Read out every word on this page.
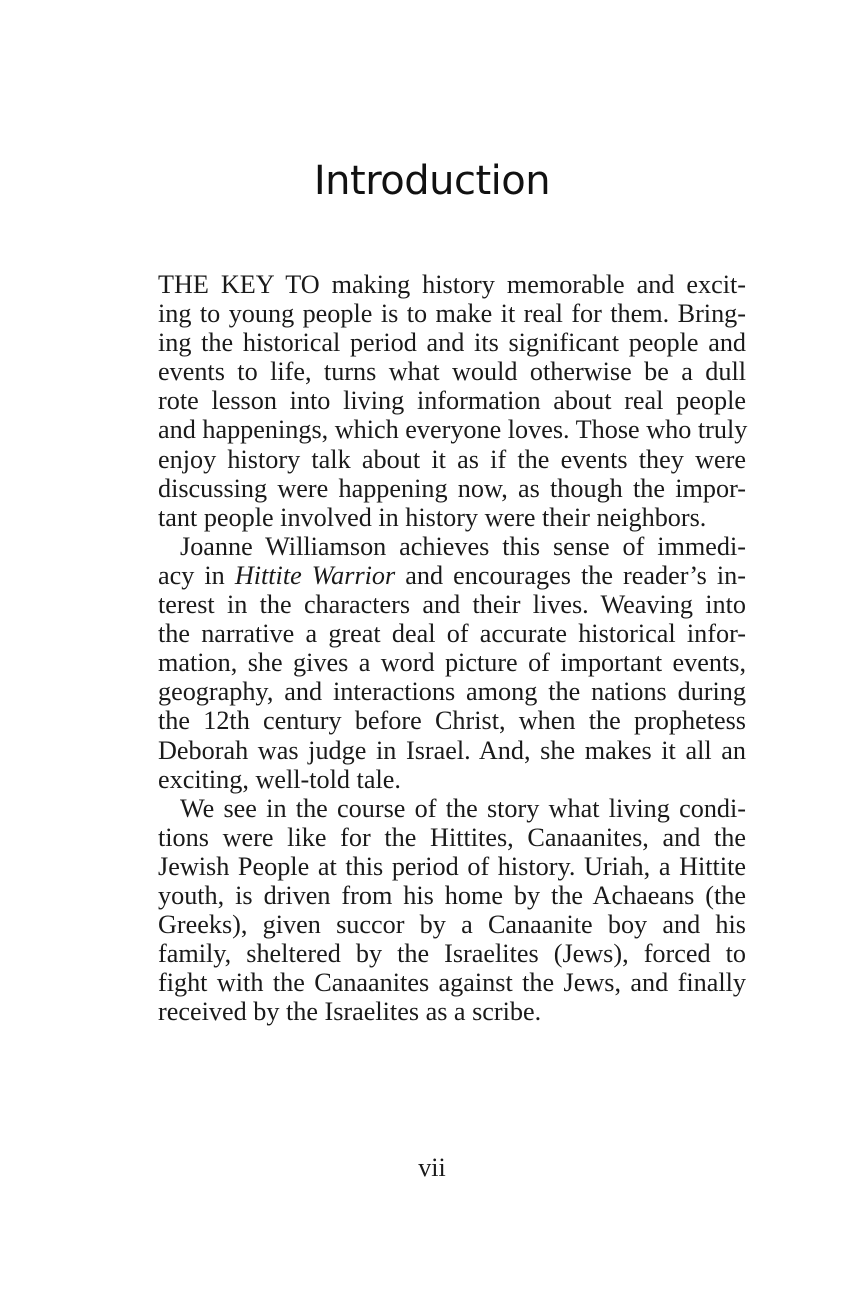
Introduction

THE KEY TO making history memorable and excit-
ing to young people is to make it real for them. Bring-
ing the historical period and its significant people and
events to life, turns what would otherwise be a dull
rote lesson into living information about real people
and happenings, which everyone loves. Those who truly
enjoy history talk about it as if the events they were
discussing were happening now, as though the impor-
tant people involved in history were their neighbors.

Joanne Williamson achieves this sense of immedi-
acy in Hittite Warrior and encourages the reader’s in-
terest in the characters and their lives. Weaving into
the narrative a great deal of accurate historical infor-
mation, she gives a word picture of important events,
geography, and interactions among the nations during
the 12th century before Christ, when the prophetess
Deborah was judge in Israel. And, she makes it all an
exciting, well-told tale.

We see in the course of the story what living condi-
tions were like for the Hittites, Canaanites, and the
Jewish People at this period of history. Uriah, a Hittite
youth, is driven from his home by the Achaeans (the
Greeks), given succor by a Canaanite boy and his
family, sheltered by the Israelites (Jews), forced to
fight with the Canaanites against the Jews, and finally
received by the Israelites as a scribe.

vii
